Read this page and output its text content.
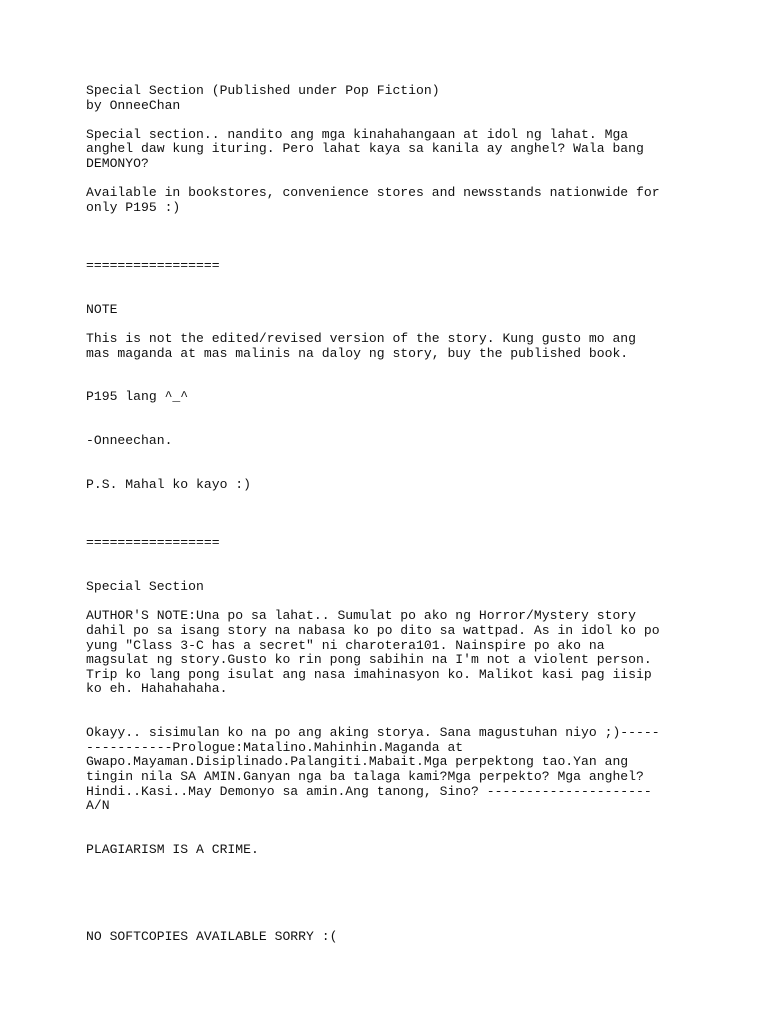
Special Section (Published under Pop Fiction)
by OnneeChan
Special section.. nandito ang mga kinahahangaan at idol ng lahat. Mga
anghel daw kung ituring. Pero lahat kaya sa kanila ay anghel? Wala bang
DEMONYO?
Available in bookstores, convenience stores and newsstands nationwide for
only P195 :)
=================
NOTE
This is not the edited/revised version of the story. Kung gusto mo ang
mas maganda at mas malinis na daloy ng story, buy the published book.
P195 lang ^_^
-Onneechan.
P.S. Mahal ko kayo :)
=================
Special Section
AUTHOR'S NOTE:Una po sa lahat.. Sumulat po ako ng Horror/Mystery story
dahil po sa isang story na nabasa ko po dito sa wattpad. As in idol ko po
yung "Class 3-C has a secret" ni charotera101. Nainspire po ako na
magsulat ng story.Gusto ko rin pong sabihin na I'm not a violent person.
Trip ko lang pong isulat ang nasa imahinasyon ko. Malikot kasi pag iisip
ko eh. Hahahahaha.
Okayy.. sisimulan ko na po ang aking storya. Sana magustuhan niyo ;)-----
-----------Prologue:Matalino.Mahinhin.Maganda at
Gwapo.Mayaman.Disiplinado.Palangiti.Mabait.Mga perpektong tao.Yan ang
tingin nila SA AMIN.Ganyan nga ba talaga kami?Mga perpekto? Mga anghel?
Hindi..Kasi..May Demonyo sa amin.Ang tanong, Sino? ---------------------
A/N
PLAGIARISM IS A CRIME.
NO SOFTCOPIES AVAILABLE SORRY :(
